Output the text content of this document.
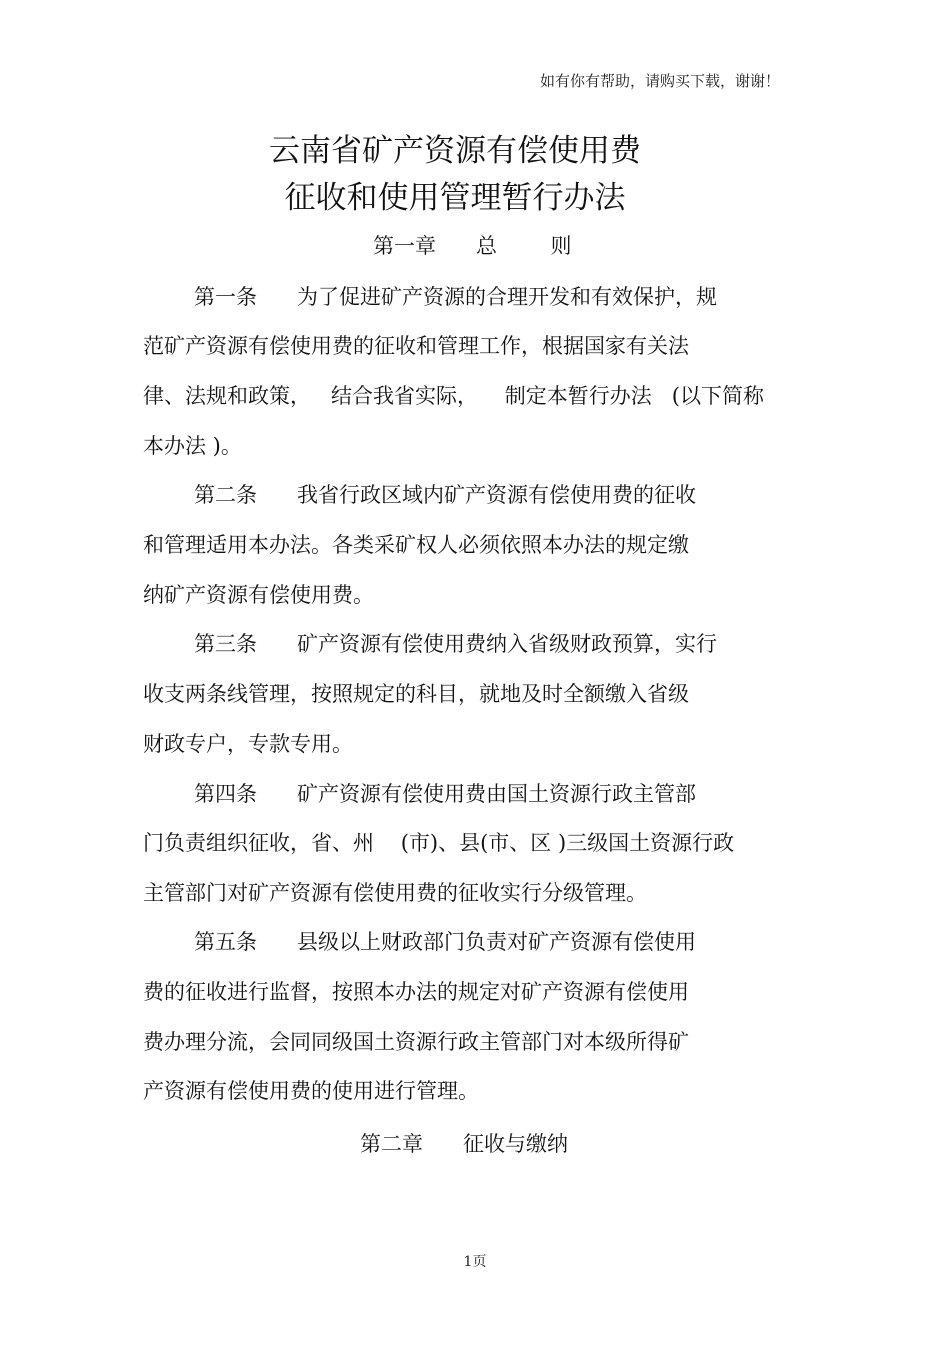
如有你有帮助，请购买下载，谢谢！
云南省矿产资源有偿使用费
征收和使用管理暂行办法
第一章      总        则
第一条      为了促进矿产资源的合理开发和有效保护，规
范矿产资源有偿使用费的征收和管理工作，根据国家有关法
律、法规和政策，   结合我省实际，    制定本暂行办法   (以下简称
本办法 )。
第二条      我省行政区域内矿产资源有偿使用费的征收
和管理适用本办法。各类采矿权人必须依照本办法的规定缴
纳矿产资源有偿使用费。
第三条      矿产资源有偿使用费纳入省级财政预算，实行
收支两条线管理，按照规定的科目，就地及时全额缴入省级
财政专户，专款专用。
第四条      矿产资源有偿使用费由国土资源行政主管部
门负责组织征收，省、州    (市)、县(市、区 )三级国土资源行政
主管部门对矿产资源有偿使用费的征收实行分级管理。
第五条      县级以上财政部门负责对矿产资源有偿使用
费的征收进行监督，按照本办法的规定对矿产资源有偿使用
费办理分流，会同同级国土资源行政主管部门对本级所得矿
产资源有偿使用费的使用进行管理。
第二章      征收与缴纳
1页
